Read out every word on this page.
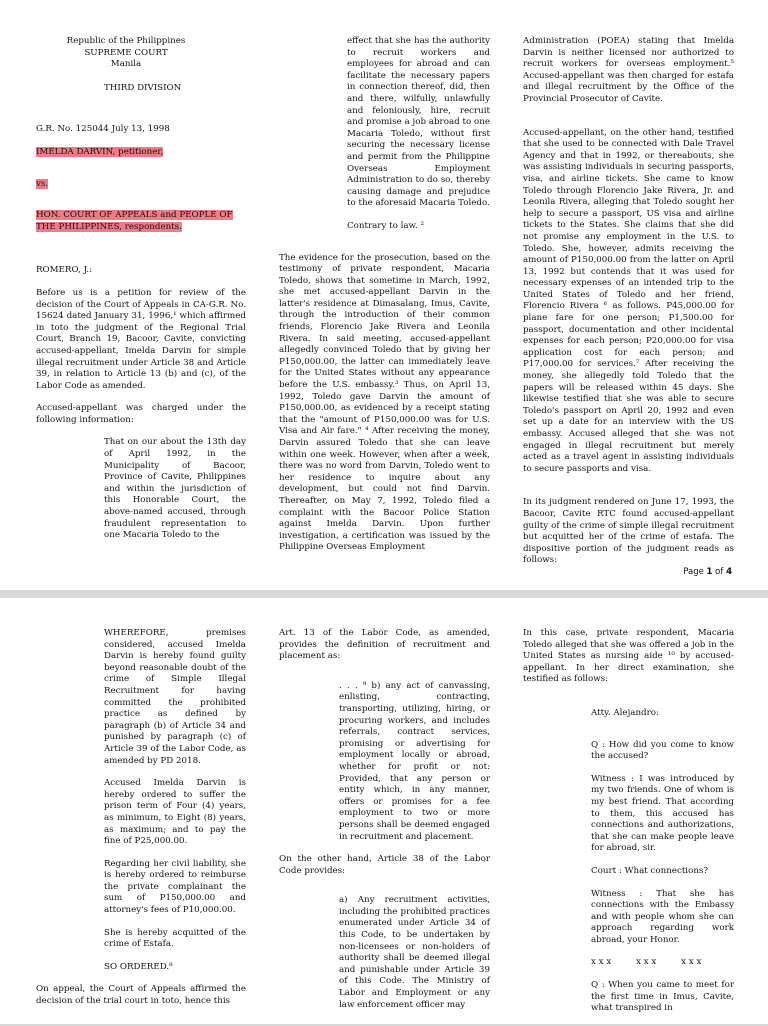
Republic of the Philippines
SUPREME COURT
Manila
THIRD DIVISION

G.R. No. 125044 July 13, 1998

IMELDA DARVIN, petitioner,

vs.

HON. COURT OF APPEALS and PEOPLE OF THE PHILIPPINES, respondents.

ROMERO, J.:

Before us is a petition for review of the decision of the Court of Appeals in CA-G.R. No. 15624 dated January 31, 1996,¹ which affirmed in toto the judgment of the Regional Trial Court, Branch 19, Bacoor, Cavite, convicting accused-appellant, Imelda Darvin for simple illegal recruitment under Article 38 and Article 39, in relation to Article 13 (b) and (c), of the Labor Code as amended.

Accused-appellant was charged under the following information:

That on our about the 13th day of April 1992, in the Municipality of Bacoor, Province of Cavite, Philippines and within the jurisdiction of this Honorable Court, the above-named accused, through fraudulent representation to one Macaria Toledo to the

effect that she has the authority to recruit workers and employees for abroad and can facilitate the necessary papers in connection thereof, did, then and there, wilfully, unlawfully and feloniously, hire, recruit and promise a job abroad to one Macaria Toledo, without first securing the necessary license and permit from the Philippine Overseas Employment Administration to do so, thereby causing damage and prejudice to the aforesaid Macaria Toledo.

Contrary to law. ²

The evidence for the prosecution, based on the testimony of private respondent, Macaria Toledo, shows that sometime in March, 1992, she met accused-appellant Darvin in the latter's residence at Dimasalang, Imus, Cavite, through the introduction of their common friends, Florencio Jake Rivera and Leonila Rivera. In said meeting, accused-appellant allegedly convinced Toledo that by giving her P150,000.00, the latter can immediately leave for the United States without any appearance before the U.S. embassy.³ Thus, on April 13, 1992, Toledo gave Darvin the amount of P150,000.00, as evidenced by a receipt stating that the "amount of P150,000.00 was for U.S. Visa and Air fare." ⁴ After receiving the money, Darvin assured Toledo that she can leave within one week. However, when after a week, there was no word from Darvin, Toledo went to her residence to inquire about any development, but could not find Darvin. Thereafter, on May 7, 1992, Toledo filed a complaint with the Bacoor Police Station against Imelda Darvin. Upon further investigation, a certification was issued by the Philippine Overseas Employment

Administration (POEA) stating that Imelda Darvin is neither licensed nor authorized to recruit workers for overseas employment.⁵ Accused-appellant was then charged for estafa and illegal recruitment by the Office of the Provincial Prosecutor of Cavite.

Accused-appellant, on the other hand, testified that she used to be connected with Dale Travel Agency and that in 1992, or thereabouts, she was assisting individuals in securing passports, visa, and airline tickets. She came to know Toledo through Florencio Jake Rivera, Jr. and Leonila Rivera, alleging that Toledo sought her help to secure a passport, US visa and airline tickets to the States. She claims that she did not promise any employment in the U.S. to Toledo. She, however, admits receiving the amount of P150,000.00 from the latter on April 13, 1992 but contends that it was used for necessary expenses of an intended trip to the United States of Toledo and her friend, Florencio Rivera ⁶ as follows. P45,000.00 for plane fare for one person; P1,500.00 for passport, documentation and other incidental expenses for each person; P20,000.00 for visa application cost for each person; and P17,000.00 for services.⁷ After receiving the money, she allegedly told Toledo that the papers will be released within 45 days. She likewise testified that she was able to secure Toledo's passport on April 20, 1992 and even set up a date for an interview with the US embassy. Accused alleged that she was not engaged in illegal recruitment but merely acted as a travel agent in assisting individuals to secure passports and visa.

In its judgment rendered on June 17, 1993, the Bacoor, Cavite RTC found accused-appellant guilty of the crime of simple illegal recruitment but acquitted her of the crime of estafa. The dispositive portion of the judgment reads as follows:

Page 1 of 4

WHEREFORE, premises considered, accused Imelda Darvin is hereby found guilty beyond reasonable doubt of the crime of Simple Illegal Recruitment for having committed the prohibited practice as defined by paragraph (b) of Article 34 and punished by paragraph (c) of Article 39 of the Labor Code, as amended by PD 2018.

Accused Imelda Darvin is hereby ordered to suffer the prison term of Four (4) years, as minimum, to Eight (8) years, as maximum; and to pay the fine of P25,000.00.

Regarding her civil liability, she is hereby ordered to reimburse the private complainant the sum of P150,000.00 and attorney's fees of P10,000.00.

She is hereby acquitted of the crime of Estafa.

SO ORDERED.⁸

On appeal, the Court of Appeals affirmed the decision of the trial court in toto, hence this

Art. 13 of the Labor Code, as amended, provides the definition of recruitment and placement as:

. . . ⁹ b) any act of canvassing, enlisting, contracting, transporting, utilizing, hiring, or procuring workers, and includes referrals, contract services, promising or advertising for employment locally or abroad, whether for profit or not: Provided, that any person or entity which, in any manner, offers or promises for a fee employment to two or more persons shall be deemed engaged in recruitment and placement.

On the other hand, Article 38 of the Labor Code provides:

a) Any recruitment activities, including the prohibited practices enumerated under Article 34 of this Code, to be undertaken by non-licensees or non-holders of authority shall be deemed illegal and punishable under Article 39 of this Code. The Ministry of Labor and Employment or any law enforcement officer may

In this case, private respondent, Macaria Toledo alleged that she was offered a job in the United States as nursing aide ¹⁰ by accused-appellant. In her direct examination, she testified as follows:

Atty. Alejandro:

Q : How did you come to know the accused?

Witness : I was introduced by my two friends. One of whom is my best friend. That according to them, this accused has connections and authorizations, that she can make people leave for abroad, sir.

Court : What connections?

Witness : That she has connections with the Embassy and with people whom she can approach regarding work abroad, your Honor.

x x x         x x x         x x x

Q : When you came to meet for the first time in Imus, Cavite, what transpired in
